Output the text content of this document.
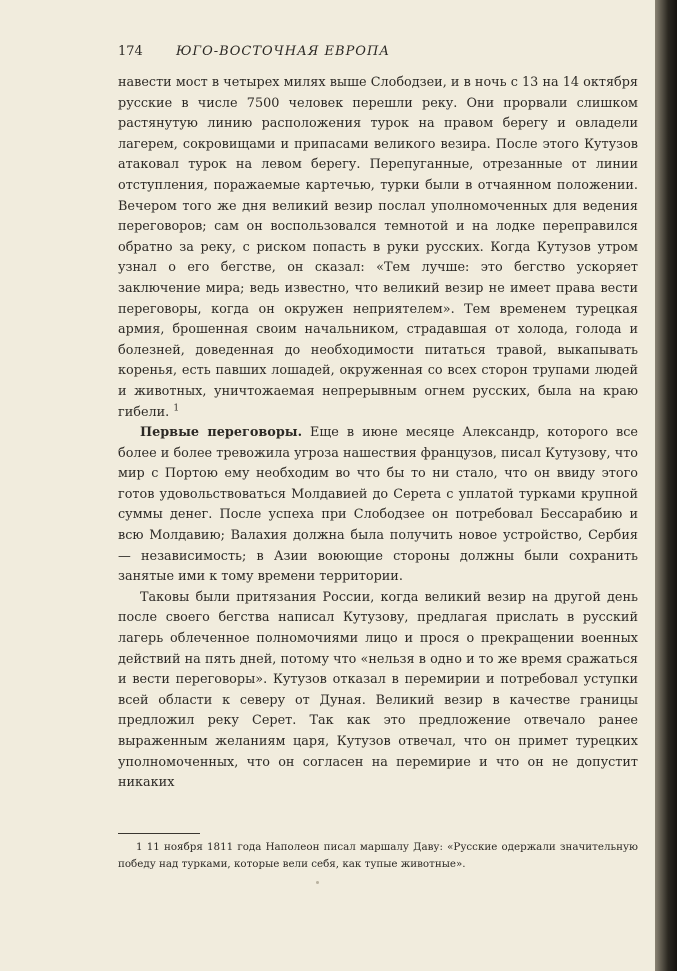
174	ЮГО-ВОСТОЧНАЯ ЕВРОПА

навести мост в четырех милях выше Слободзеи, и в ночь с 13 на 14 октября русские в числе 7500 человек перешли реку. Они прорвали слишком растянутую линию расположения турок на правом берегу и овладели лагерем, сокровищами и припасами великого везира. После этого Кутузов атаковал турок на левом берегу. Перепуганные, отрезанные от линии отступления, поражаемые картечью, турки были в отчаянном положении. Вечером того же дня великий везир послал уполномоченных для ведения переговоров; сам он воспользовался темнотой и на лодке переправился обратно за реку, с риском попасть в руки русских. Когда Кутузов утром узнал о его бегстве, он сказал: «Тем лучше: это бегство ускоряет заключение мира; ведь известно, что великий везир не имеет права вести переговоры, когда он окружен неприятелем». Тем временем турецкая армия, брошенная своим начальником, страдавшая от холода, голода и болезней, доведенная до необходимости питаться травой, выкапывать коренья, есть павших лошадей, окруженная со всех сторон трупами людей и животных, уничтожаемая непрерывным огнем русских, была на краю гибели. $^1$

Первые переговоры. Еще в июне месяце Александр, которого все более и более тревожила угроза нашествия французов, писал Кутузову, что мир с Портою ему необходим во что бы то ни стало, что он ввиду этого готов удовольствоваться Молдавией до Серета с уплатой турками крупной суммы денег. После успеха при Слободзее он потребовал Бессарабию и всю Молдавию; Валахия должна была получить новое устройство, Сербия — независимость; в Азии воюющие стороны должны были сохранить занятые ими к тому времени территории.

Таковы были притязания России, когда великий везир на другой день после своего бегства написал Кутузову, предлагая прислать в русский лагерь облеченное полномочиями лицо и прося о прекращении военных действий на пять дней, потому что «нельзя в одно и то же время сражаться и вести переговоры». Кутузов отказал в перемирии и потребовал уступки всей области к северу от Дуная. Великий везир в качестве границы предложил реку Серет. Так как это предложение отвечало ранее выраженным желаниям царя, Кутузов отвечал, что он примет турецких уполномоченных, что он согласен на перемирие и что он не допустит никаких

1 11 ноября 1811 года Наполеон писал маршалу Даву: «Русские одержали значительную победу над турками, которые вели себя, как тупые животные».
